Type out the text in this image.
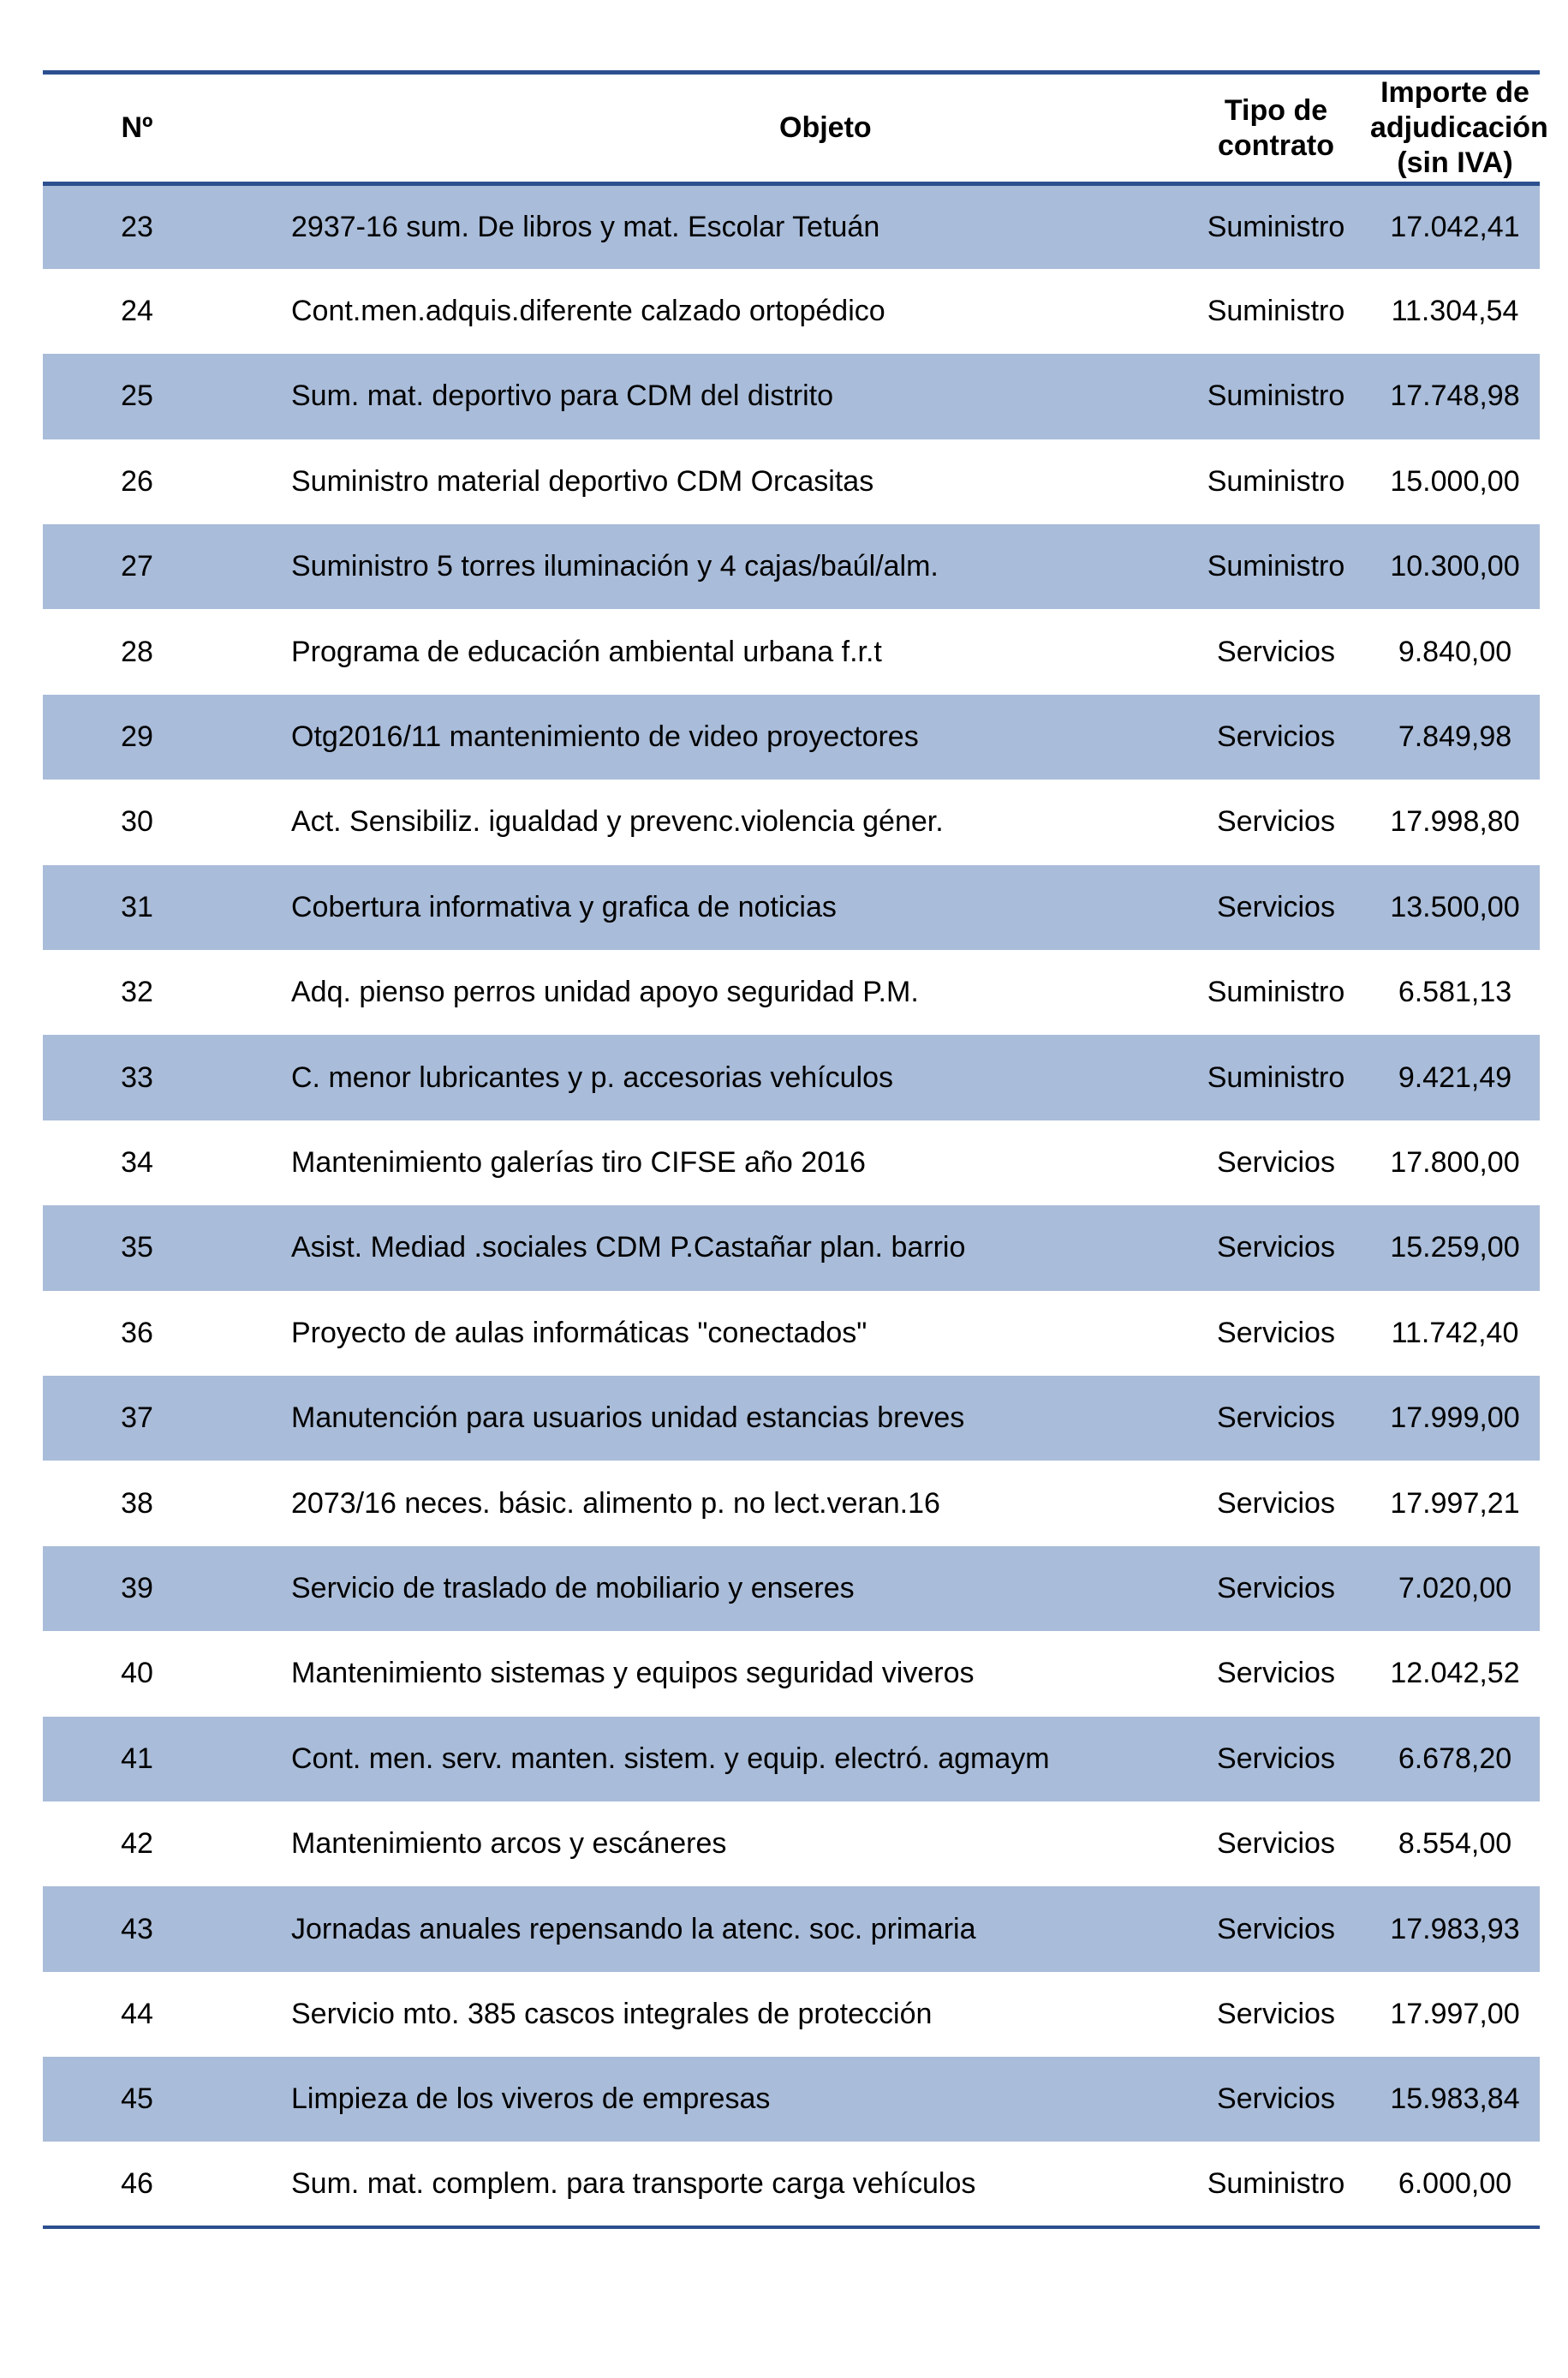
Nº	Objeto	Tipo de contrato	Importe de adjudicación (sin IVA)
23	2937-16 sum. De libros y mat. Escolar Tetuán	Suministro	17.042,41
24	Cont.men.adquis.diferente calzado ortopédico	Suministro	11.304,54
25	Sum. mat. deportivo para CDM del distrito	Suministro	17.748,98
26	Suministro material deportivo CDM Orcasitas	Suministro	15.000,00
27	Suministro 5 torres iluminación y 4 cajas/baúl/alm.	Suministro	10.300,00
28	Programa de educación ambiental urbana f.r.t	Servicios	9.840,00
29	Otg2016/11 mantenimiento de video proyectores	Servicios	7.849,98
30	Act. Sensibiliz. igualdad y prevenc.violencia géner.	Servicios	17.998,80
31	Cobertura informativa y grafica de noticias	Servicios	13.500,00
32	Adq. pienso perros unidad apoyo seguridad P.M.	Suministro	6.581,13
33	C. menor lubricantes y p. accesorias vehículos	Suministro	9.421,49
34	Mantenimiento galerías tiro CIFSE año 2016	Servicios	17.800,00
35	Asist. Mediad .sociales CDM P.Castañar plan. barrio	Servicios	15.259,00
36	Proyecto de aulas informáticas "conectados"	Servicios	11.742,40
37	Manutención para usuarios unidad estancias breves	Servicios	17.999,00
38	2073/16 neces. básic. alimento p. no lect.veran.16	Servicios	17.997,21
39	Servicio de traslado de mobiliario y enseres	Servicios	7.020,00
40	Mantenimiento sistemas y equipos seguridad viveros	Servicios	12.042,52
41	Cont. men. serv. manten. sistem. y equip. electró. agmaym	Servicios	6.678,20
42	Mantenimiento arcos y escáneres	Servicios	8.554,00
43	Jornadas anuales repensando la atenc. soc. primaria	Servicios	17.983,93
44	Servicio mto. 385 cascos integrales de protección	Servicios	17.997,00
45	Limpieza de los viveros de empresas	Servicios	15.983,84
46	Sum. mat. complem. para transporte carga vehículos	Suministro	6.000,00
